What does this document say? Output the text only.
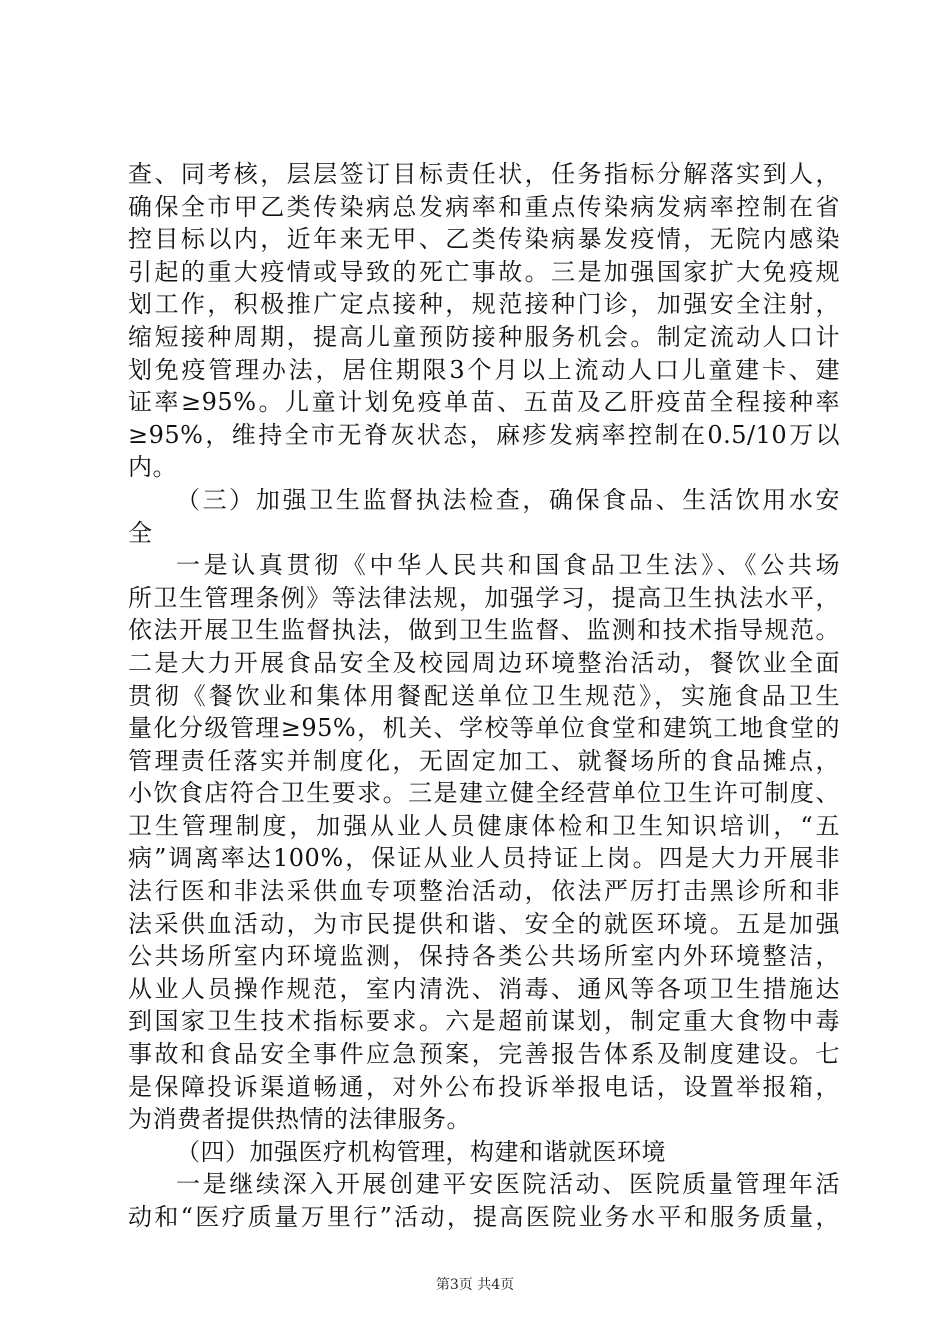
查、同考核，层层签订目标责任状，任务指标分解落实到人，
确保全市甲乙类传染病总发病率和重点传染病发病率控制在省
控目标以内，近年来无甲、乙类传染病暴发疫情，无院内感染
引起的重大疫情或导致的死亡事故。三是加强国家扩大免疫规
划工作，积极推广定点接种，规范接种门诊，加强安全注射，
缩短接种周期，提高儿童预防接种服务机会。制定流动人口计
划免疫管理办法，居住期限3个月以上流动人口儿童建卡、建
证率≥95%。儿童计划免疫单苗、五苗及乙肝疫苗全程接种率
≥95%，维持全市无脊灰状态，麻疹发病率控制在0.5/10万以
内。
（三）加强卫生监督执法检查，确保食品、生活饮用水安
全
一是认真贯彻《中华人民共和国食品卫生法》、《公共场
所卫生管理条例》等法律法规，加强学习，提高卫生执法水平，
依法开展卫生监督执法，做到卫生监督、监测和技术指导规范。
二是大力开展食品安全及校园周边环境整治活动，餐饮业全面
贯彻《餐饮业和集体用餐配送单位卫生规范》，实施食品卫生
量化分级管理≥95%，机关、学校等单位食堂和建筑工地食堂的
管理责任落实并制度化，无固定加工、就餐场所的食品摊点，
小饮食店符合卫生要求。三是建立健全经营单位卫生许可制度、
卫生管理制度，加强从业人员健康体检和卫生知识培训，“五
病”调离率达100%，保证从业人员持证上岗。四是大力开展非
法行医和非法采供血专项整治活动，依法严厉打击黑诊所和非
法采供血活动，为市民提供和谐、安全的就医环境。五是加强
公共场所室内环境监测，保持各类公共场所室内外环境整洁，
从业人员操作规范，室内清洗、消毒、通风等各项卫生措施达
到国家卫生技术指标要求。六是超前谋划，制定重大食物中毒
事故和食品安全事件应急预案，完善报告体系及制度建设。七
是保障投诉渠道畅通，对外公布投诉举报电话，设置举报箱，
为消费者提供热情的法律服务。
（四）加强医疗机构管理，构建和谐就医环境
一是继续深入开展创建平安医院活动、医院质量管理年活
动和“医疗质量万里行”活动，提高医院业务水平和服务质量，
第3页 共4页
